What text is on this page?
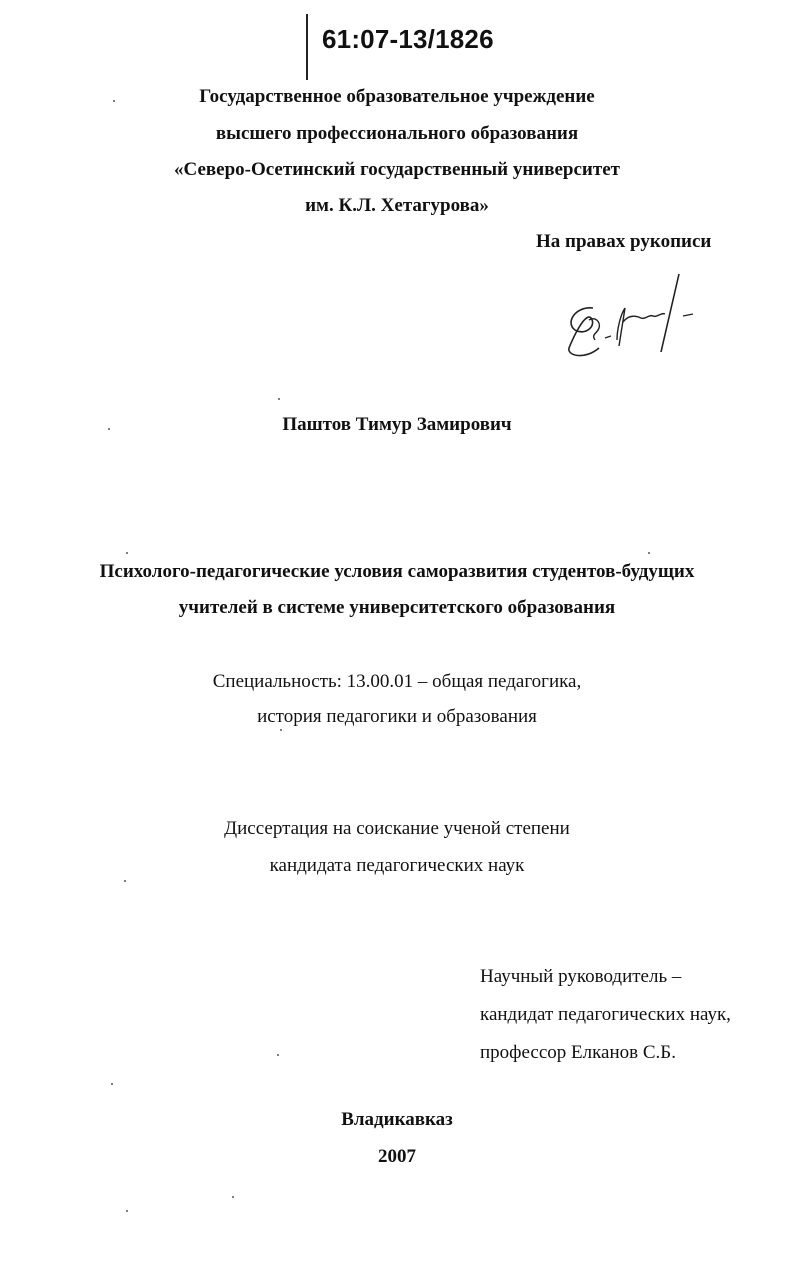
61:07-13/1826
Государственное образовательное учреждение
высшего профессионального образования
«Северо-Осетинский государственный университет
им. К.Л. Хетагурова»
На правах рукописи
Паштов Тимур Замирович
Психолого-педагогические условия саморазвития студентов-будущих
учителей в системе университетского образования
Специальность: 13.00.01 – общая педагогика,
история педагогики и образования
Диссертация на соискание ученой степени
кандидата педагогических наук
Научный руководитель –
кандидат педагогических наук,
профессор Елканов С.Б.
Владикавказ
2007
